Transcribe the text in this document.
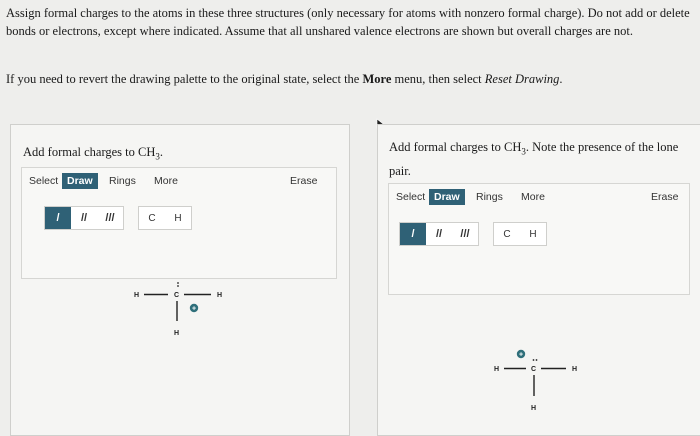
Assign formal charges to the atoms in these three structures (only necessary for atoms with nonzero formal charge). Do not add or delete bonds or electrons, except where indicated. Assume that all unshared valence electrons are shown but overall charges are not.

If you need to revert the drawing palette to the original state, select the More menu, then select Reset Drawing.

Add formal charges to $CH_3$.
Select Draw	Rings	More	Erase
/	//	///	C	H
H	C	H
+
H
Add formal charges to $CH_3$. Note the presence of the lone pair.
Select Draw	Rings	More	Erase
/	//	///	C	H
H
+
C	H
H
